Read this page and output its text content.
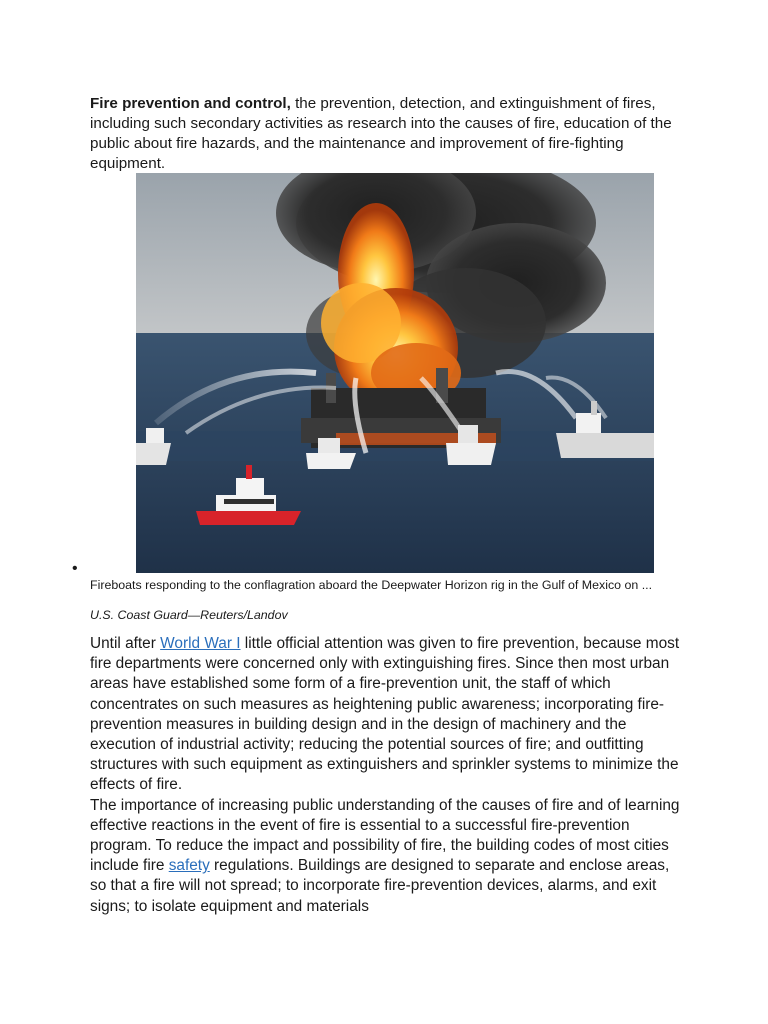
Fire prevention and control, the prevention, detection, and extinguishment of fires, including such secondary activities as research into the causes of fire, education of the public about fire hazards, and the maintenance and improvement of fire-fighting equipment.

•

Fireboats responding to the conflagration aboard the Deepwater Horizon rig in the Gulf of Mexico on ...

U.S. Coast Guard—Reuters/Landov

Until after World War I little official attention was given to fire prevention, because most fire departments were concerned only with extinguishing fires. Since then most urban areas have established some form of a fire-prevention unit, the staff of which concentrates on such measures as heightening public awareness; incorporating fire-prevention measures in building design and in the design of machinery and the execution of industrial activity; reducing the potential sources of fire; and outfitting structures with such equipment as extinguishers and sprinkler systems to minimize the effects of fire.

The importance of increasing public understanding of the causes of fire and of learning effective reactions in the event of fire is essential to a successful fire-prevention program. To reduce the impact and possibility of fire, the building codes of most cities include fire safety regulations. Buildings are designed to separate and enclose areas, so that a fire will not spread; to incorporate fire-prevention devices, alarms, and exit signs; to isolate equipment and materials
